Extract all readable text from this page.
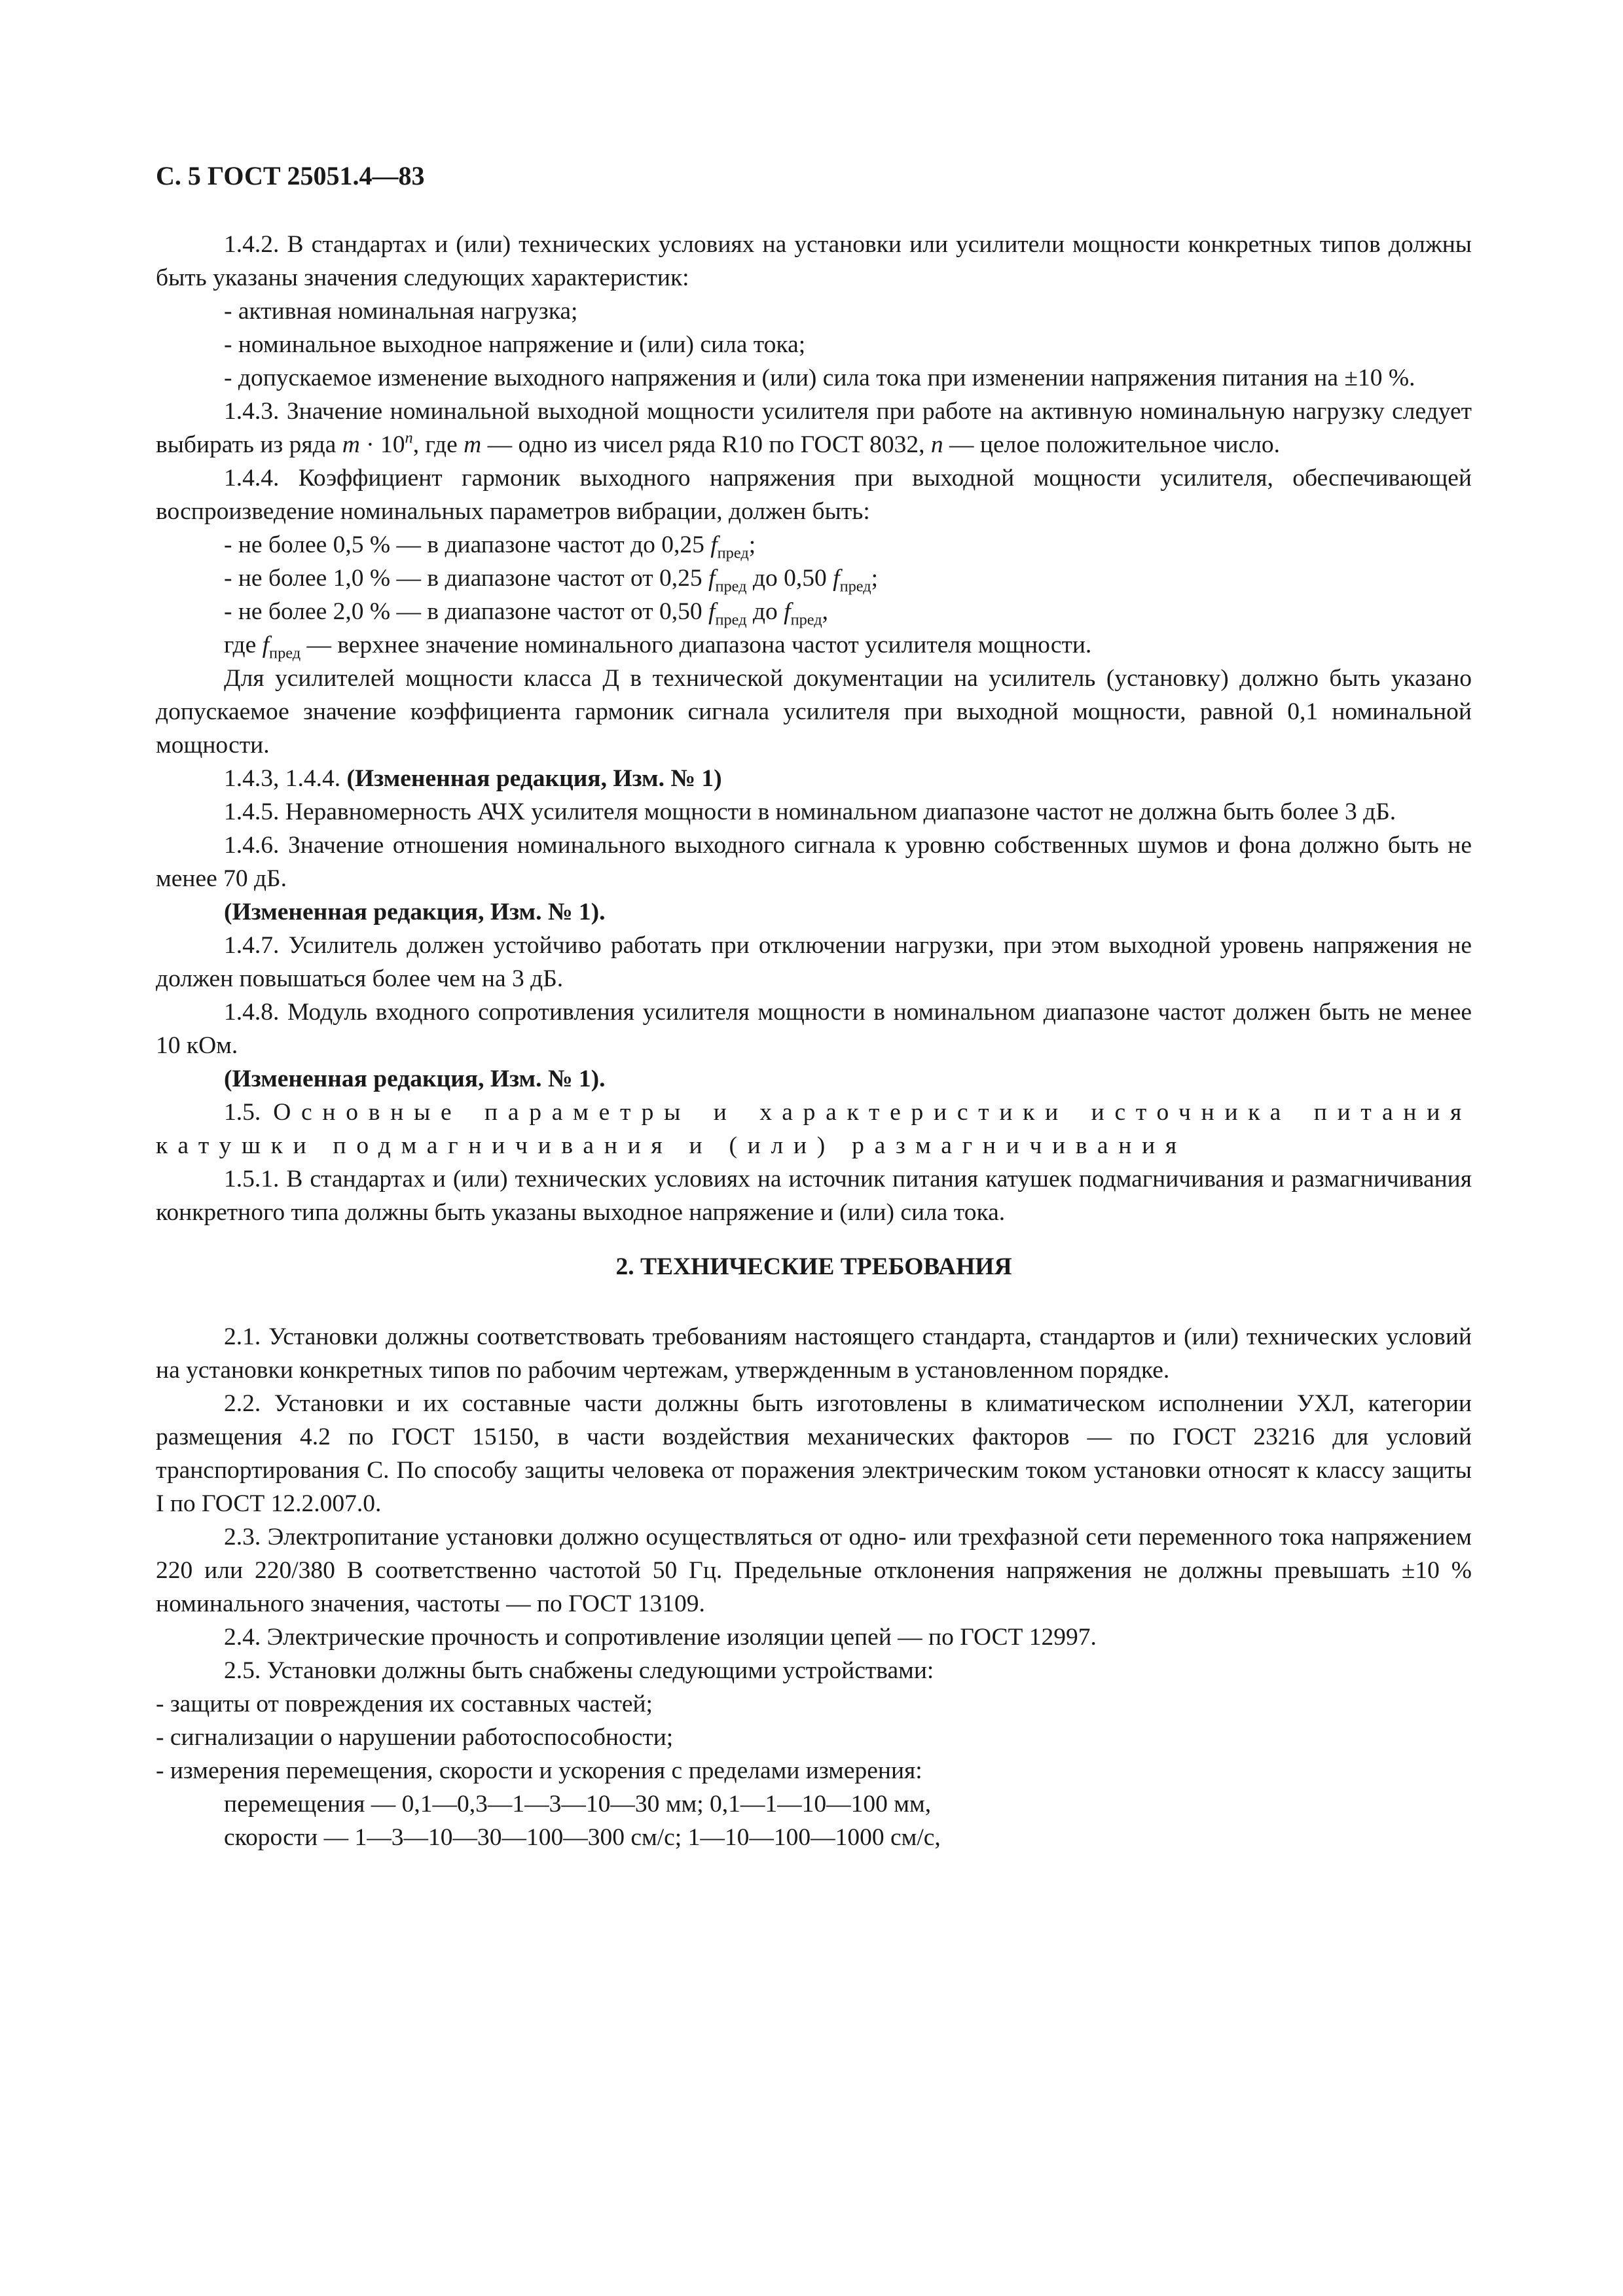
С. 5 ГОСТ 25051.4—83

1.4.2. В стандартах и (или) технических условиях на установки или усилители мощности конкретных типов должны быть указаны значения следующих характеристик:

- активная номинальная нагрузка;

- номинальное выходное напряжение и (или) сила тока;

- допускаемое изменение выходного напряжения и (или) сила тока при изменении напряжения питания на ±10 %.

1.4.3. Значение номинальной выходной мощности усилителя при работе на активную номинальную нагрузку следует выбирать из ряда $m \cdot 10^n$, где m — одно из чисел ряда R10 по ГОСТ 8032, n — целое положительное число.

1.4.4. Коэффициент гармоник выходного напряжения при выходной мощности усилителя, обеспечивающей воспроизведение номинальных параметров вибрации, должен быть:

- не более 0,5 % — в диапазоне частот до 0,25 $f_{пред}$;

- не более 1,0 % — в диапазоне частот от 0,25 $f_{пред}$ до 0,50 $f_{пред}$;

- не более 2,0 % — в диапазоне частот от 0,50 $f_{пред}$ до $f_{пред}$,

где $f_{пред}$ — верхнее значение номинального диапазона частот усилителя мощности.

Для усилителей мощности класса Д в технической документации на усилитель (установку) должно быть указано допускаемое значение коэффициента гармоник сигнала усилителя при выходной мощности, равной 0,1 номинальной мощности.

1.4.3, 1.4.4. (Измененная редакция, Изм. № 1)

1.4.5. Неравномерность АЧХ усилителя мощности в номинальном диапазоне частот не должна быть более 3 дБ.

1.4.6. Значение отношения номинального выходного сигнала к уровню собственных шумов и фона должно быть не менее 70 дБ.

(Измененная редакция, Изм. № 1).

1.4.7. Усилитель должен устойчиво работать при отключении нагрузки, при этом выходной уровень напряжения не должен повышаться более чем на 3 дБ.

1.4.8. Модуль входного сопротивления усилителя мощности в номинальном диапазоне частот должен быть не менее 10 кОм.

(Измененная редакция, Изм. № 1).

1.5. Основные параметры и характеристики источника питания катушки подмагничивания и (или) размагничивания

1.5.1. В стандартах и (или) технических условиях на источник питания катушек подмагничивания и размагничивания конкретного типа должны быть указаны выходное напряжение и (или) сила тока.

2. ТЕХНИЧЕСКИЕ ТРЕБОВАНИЯ

2.1. Установки должны соответствовать требованиям настоящего стандарта, стандартов и (или) технических условий на установки конкретных типов по рабочим чертежам, утвержденным в установленном порядке.

2.2. Установки и их составные части должны быть изготовлены в климатическом исполнении УХЛ, категории размещения 4.2 по ГОСТ 15150, в части воздействия механических факторов — по ГОСТ 23216 для условий транспортирования С. По способу защиты человека от поражения электрическим током установки относят к классу защиты I по ГОСТ 12.2.007.0.

2.3. Электропитание установки должно осуществляться от одно- или трехфазной сети переменного тока напряжением 220 или 220/380 В соответственно частотой 50 Гц. Предельные отклонения напряжения не должны превышать ±10 % номинального значения, частоты — по ГОСТ 13109.

2.4. Электрические прочность и сопротивление изоляции цепей — по ГОСТ 12997.

2.5. Установки должны быть снабжены следующими устройствами:

- защиты от повреждения их составных частей;

- сигнализации о нарушении работоспособности;

- измерения перемещения, скорости и ускорения с пределами измерения:

перемещения — 0,1—0,3—1—3—10—30 мм; 0,1—1—10—100 мм,

скорости — 1—3—10—30—100—300 см/с; 1—10—100—1000 см/с,
